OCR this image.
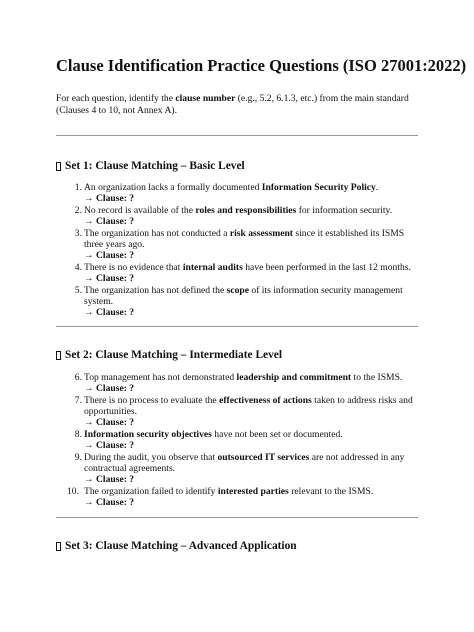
Clause Identification Practice Questions (ISO 27001:2022)

For each question, identify the clause number (e.g., 5.2, 6.1.3, etc.) from the main standard (Clauses 4 to 10, not Annex A).

Set 1: Clause Matching – Basic Level
1. An organization lacks a formally documented Information Security Policy.
→ Clause: ?
2. No record is available of the roles and responsibilities for information security.
→ Clause: ?
3. The organization has not conducted a risk assessment since it established its ISMS three years ago.
→ Clause: ?
4. There is no evidence that internal audits have been performed in the last 12 months.
→ Clause: ?
5. The organization has not defined the scope of its information security management system.
→ Clause: ?
Set 2: Clause Matching – Intermediate Level
6. Top management has not demonstrated leadership and commitment to the ISMS.
→ Clause: ?
7. There is no process to evaluate the effectiveness of actions taken to address risks and opportunities.
→ Clause: ?
8. Information security objectives have not been set or documented.
→ Clause: ?
9. During the audit, you observe that outsourced IT services are not addressed in any contractual agreements.
→ Clause: ?
10. The organization failed to identify interested parties relevant to the ISMS.
→ Clause: ?
Set 3: Clause Matching – Advanced Application
